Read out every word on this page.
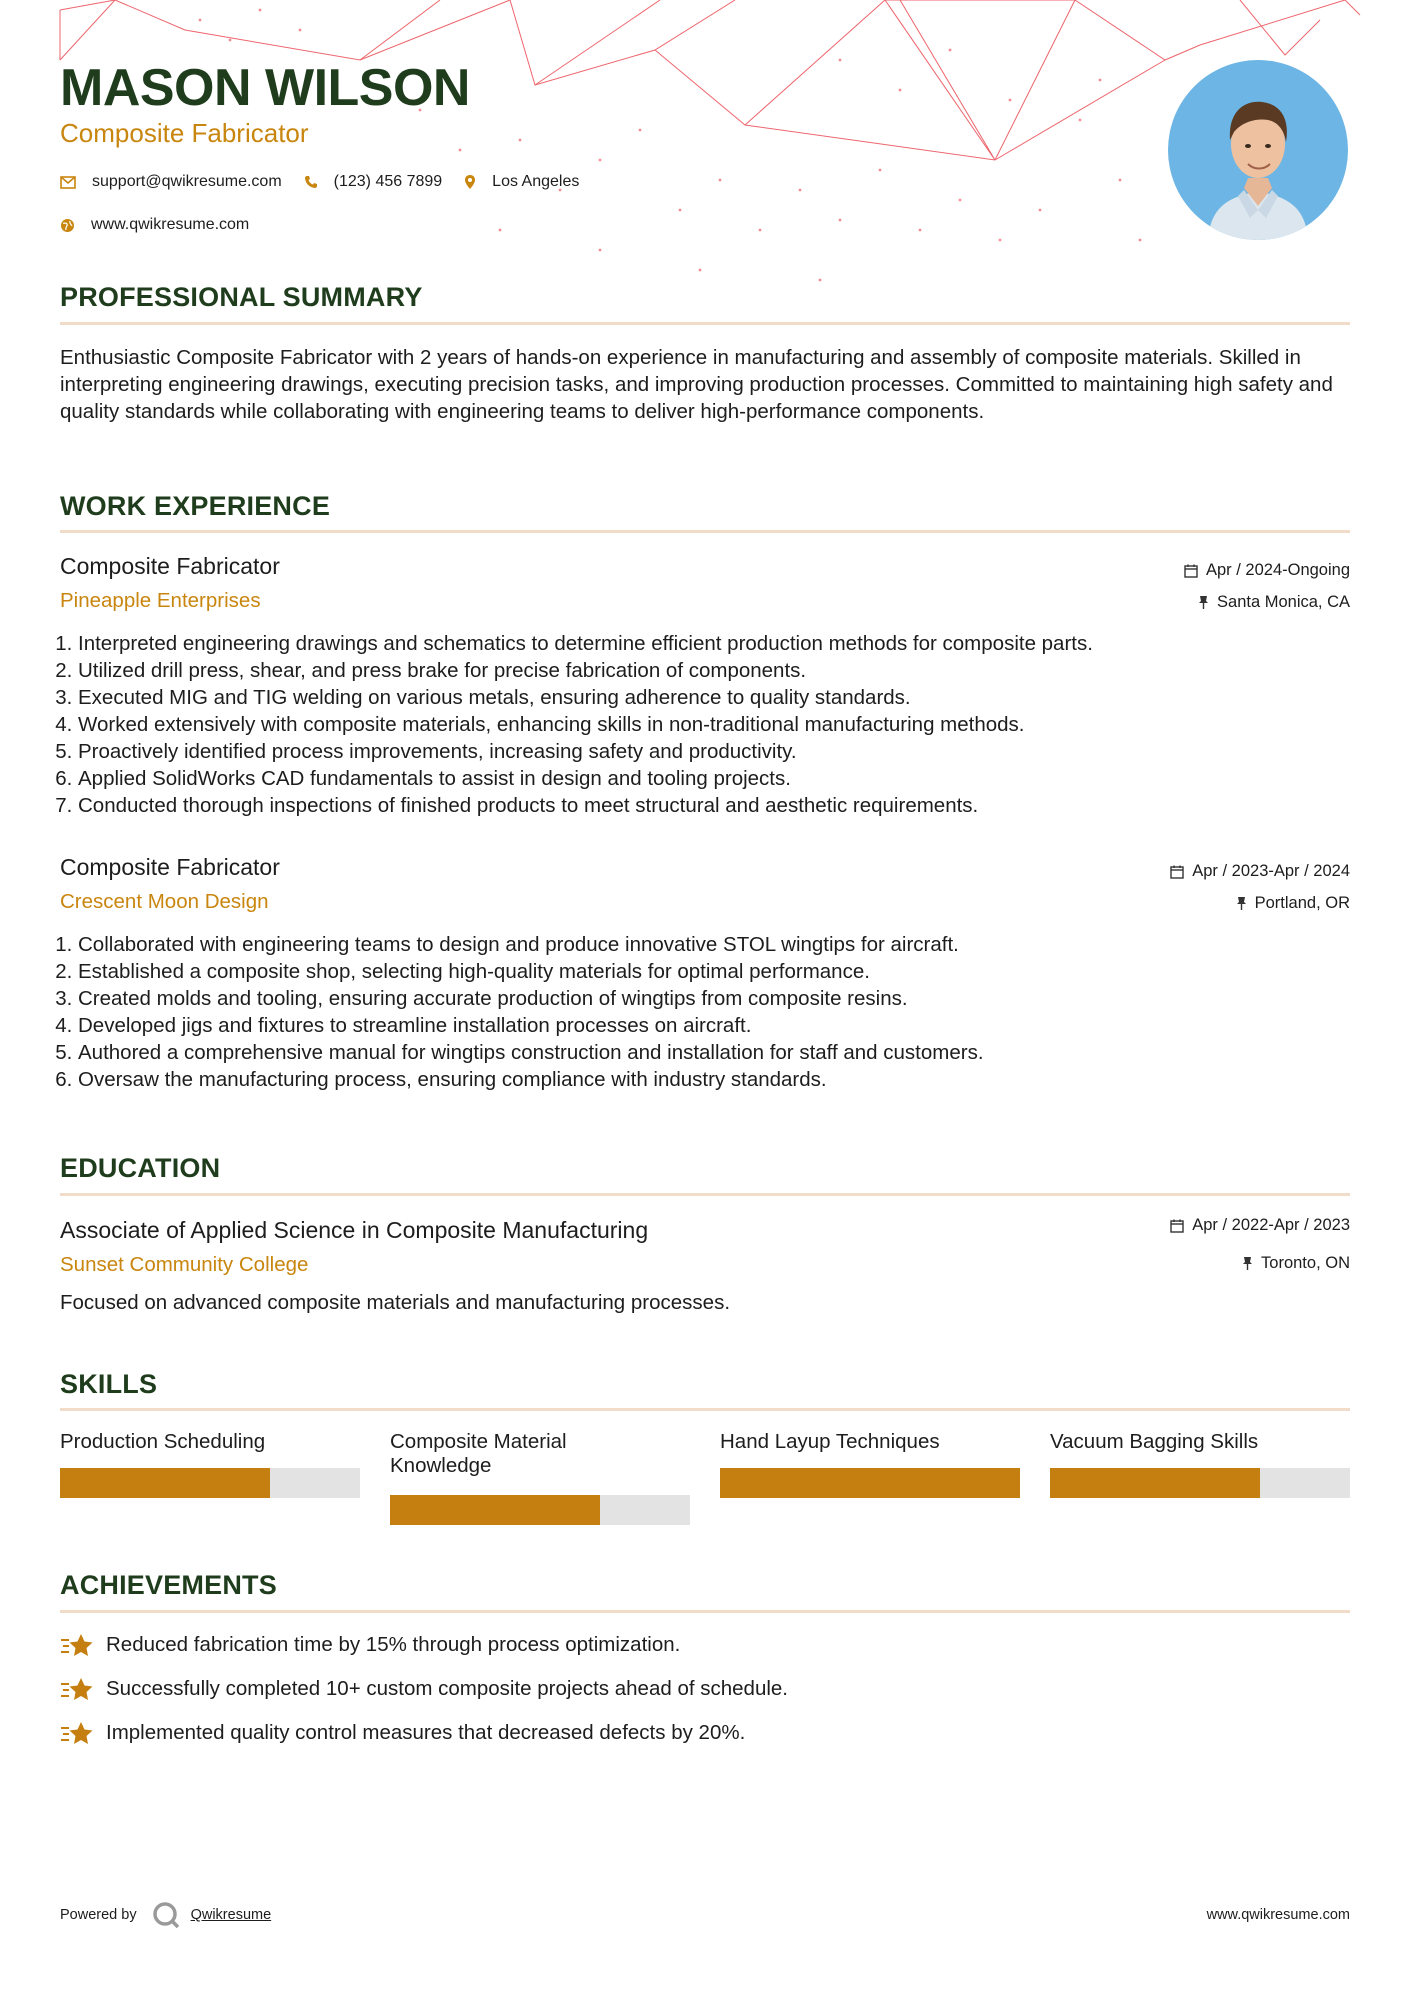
MASON WILSON

Composite Fabricator

support@qwikresume.com	(123) 456 7899	Los Angeles
www.qwikresume.com
PROFESSIONAL SUMMARY

Enthusiastic Composite Fabricator with 2 years of hands-on experience in manufacturing and assembly of composite materials. Skilled in interpreting engineering drawings, executing precision tasks, and improving production processes. Committed to maintaining high safety and quality standards while collaborating with engineering teams to deliver high-performance components.

WORK EXPERIENCE

Composite Fabricator

Pineapple Enterprises

Apr / 2024-Ongoing
Santa Monica, CA
1. Interpreted engineering drawings and schematics to determine efficient production methods for composite parts.
2. Utilized drill press, shear, and press brake for precise fabrication of components.
3. Executed MIG and TIG welding on various metals, ensuring adherence to quality standards.
4. Worked extensively with composite materials, enhancing skills in non-traditional manufacturing methods.
5. Proactively identified process improvements, increasing safety and productivity.
6. Applied SolidWorks CAD fundamentals to assist in design and tooling projects.
7. Conducted thorough inspections of finished products to meet structural and aesthetic requirements.

Composite Fabricator

Crescent Moon Design

Apr / 2023-Apr / 2024
Portland, OR
1. Collaborated with engineering teams to design and produce innovative STOL wingtips for aircraft.
2. Established a composite shop, selecting high-quality materials for optimal performance.
3. Created molds and tooling, ensuring accurate production of wingtips from composite resins.
4. Developed jigs and fixtures to streamline installation processes on aircraft.
5. Authored a comprehensive manual for wingtips construction and installation for staff and customers.
6. Oversaw the manufacturing process, ensuring compliance with industry standards.
EDUCATION

Associate of Applied Science in Composite Manufacturing

Sunset Community College

Apr / 2022-Apr / 2023
Toronto, ON

Focused on advanced composite materials and manufacturing processes.

SKILLS
Production Scheduling	Composite Material Knowledge
Hand Layup Techniques	Vacuum Bagging Skills
ACHIEVEMENTS
Reduced fabrication time by 15% through process optimization.
Successfully completed 10+ custom composite projects ahead of schedule.
Implemented quality control measures that decreased defects by 20%.
Powered by	Qwikresume	www.qwikresume.com
